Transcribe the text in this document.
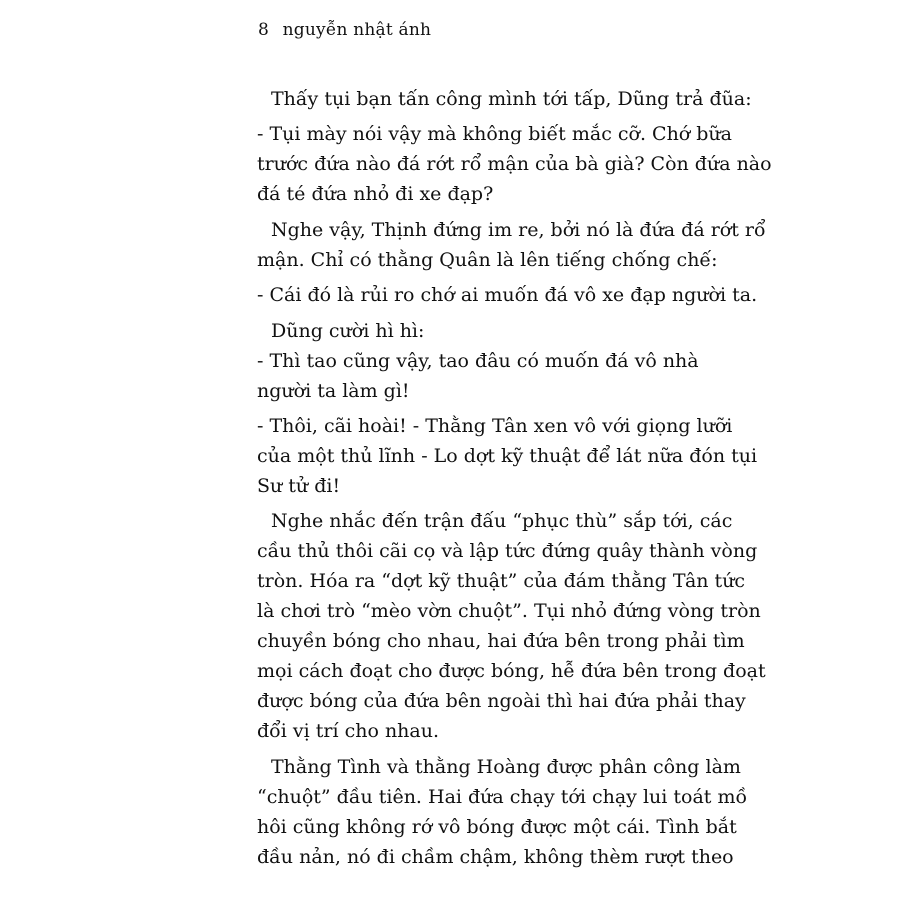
8 nguyễn nhật ánh
Thấy tụi bạn tấn công mình tới tấp, Dũng trả đũa:
- Tụi mày nói vậy mà không biết mắc cỡ. Chớ bữa
trước đứa nào đá rớt rổ mận của bà già? Còn đứa nào
đá té đứa nhỏ đi xe đạp?
Nghe vậy, Thịnh đứng im re, bởi nó là đứa đá rớt rổ
mận. Chỉ có thằng Quân là lên tiếng chống chế:
- Cái đó là rủi ro chớ ai muốn đá vô xe đạp người ta.
Dũng cười hì hì:
- Thì tao cũng vậy, tao đâu có muốn đá vô nhà
người ta làm gì!
- Thôi, cãi hoài! - Thằng Tân xen vô với giọng lưỡi
của một thủ lĩnh - Lo dợt kỹ thuật để lát nữa đón tụi
Sư tử đi!
Nghe nhắc đến trận đấu “phục thù” sắp tới, các
cầu thủ thôi cãi cọ và lập tức đứng quây thành vòng
tròn. Hóa ra “dợt kỹ thuật” của đám thằng Tân tức
là chơi trò “mèo vờn chuột”. Tụi nhỏ đứng vòng tròn
chuyền bóng cho nhau, hai đứa bên trong phải tìm
mọi cách đoạt cho được bóng, hễ đứa bên trong đoạt
được bóng của đứa bên ngoài thì hai đứa phải thay
đổi vị trí cho nhau.
Thằng Tình và thằng Hoàng được phân công làm
“chuột” đầu tiên. Hai đứa chạy tới chạy lui toát mồ
hôi cũng không rớ vô bóng được một cái. Tình bắt
đầu nản, nó đi chầm chậm, không thèm rượt theo
